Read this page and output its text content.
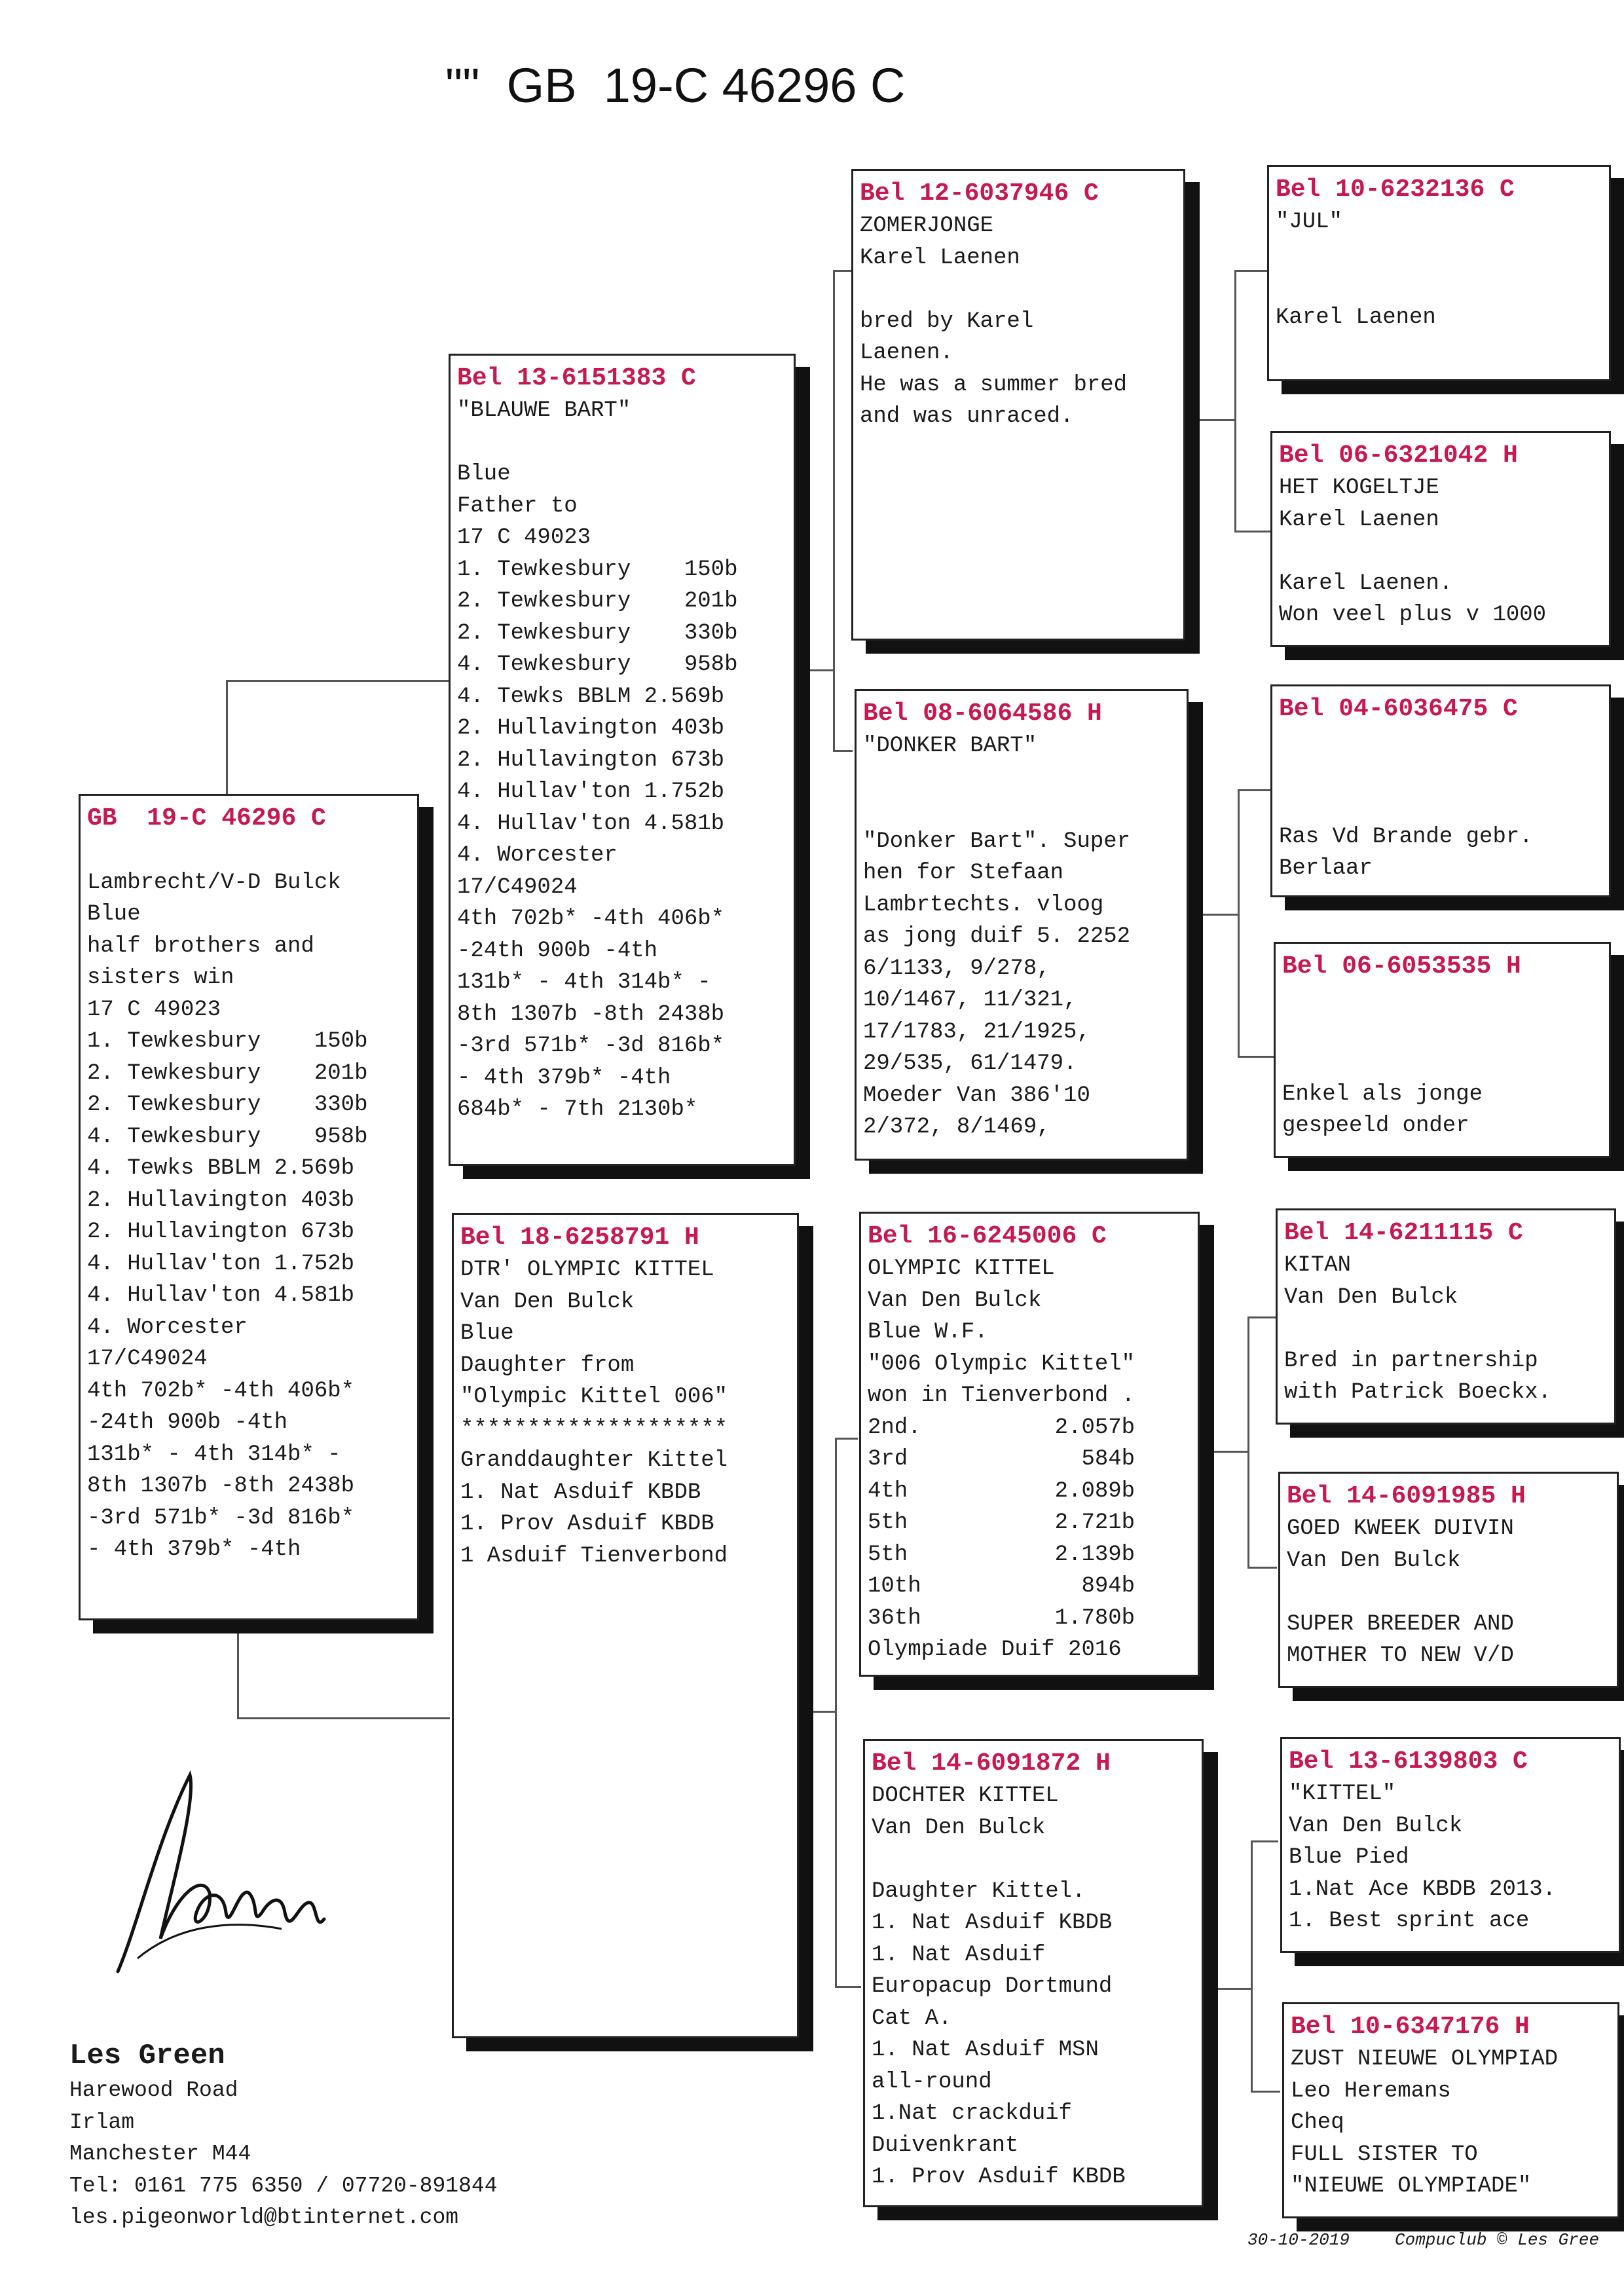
""  GB  19-C 46296 C
GB  19-C 46296 C
Lambrecht/V-D Bulck
Blue
half brothers and
sisters win
17 C 49023
1. Tewkesbury    150b
2. Tewkesbury    201b
2. Tewkesbury    330b
4. Tewkesbury    958b
4. Tewks BBLM 2.569b
2. Hullavington 403b
2. Hullavington 673b
4. Hullav'ton 1.752b
4. Hullav'ton 4.581b
4. Worcester
17/C49024
4th 702b* -4th 406b*
-24th 900b -4th
131b* - 4th 314b* -
8th 1307b -8th 2438b
-3rd 571b* -3d 816b*
- 4th 379b* -4th
Bel 13-6151383 C
"BLAUWE BART"
Blue
Father to
17 C 49023
1. Tewkesbury    150b
2. Tewkesbury    201b
2. Tewkesbury    330b
4. Tewkesbury    958b
4. Tewks BBLM 2.569b
2. Hullavington 403b
2. Hullavington 673b
4. Hullav'ton 1.752b
4. Hullav'ton 4.581b
4. Worcester
17/C49024
4th 702b* -4th 406b*
-24th 900b -4th
131b* - 4th 314b* -
8th 1307b -8th 2438b
-3rd 571b* -3d 816b*
- 4th 379b* -4th
684b* - 7th 2130b*
Bel 18-6258791 H
DTR' OLYMPIC KITTEL
Van Den Bulck
Blue
Daughter from
"Olympic Kittel 006"
********************
Granddaughter Kittel
1. Nat Asduif KBDB
1. Prov Asduif KBDB
1 Asduif Tienverbond
Bel 12-6037946 C
ZOMERJONGE
Karel Laenen
bred by Karel
Laenen.
He was a summer bred
and was unraced.
Bel 08-6064586 H
"DONKER BART"
"Donker Bart". Super
hen for Stefaan
Lambrtechts. vloog
as jong duif 5. 2252
6/1133, 9/278,
10/1467, 11/321,
17/1783, 21/1925,
29/535, 61/1479.
Moeder Van 386'10
2/372, 8/1469,
Bel 16-6245006 C
OLYMPIC KITTEL
Van Den Bulck
Blue W.F.
"006 Olympic Kittel"
won in Tienverbond .
2nd.          2.057b
3rd             584b
4th           2.089b
5th           2.721b
5th           2.139b
10th            894b
36th          1.780b
Olympiade Duif 2016
Bel 14-6091872 H
DOCHTER KITTEL
Van Den Bulck
Daughter Kittel.
1. Nat Asduif KBDB
1. Nat Asduif
Europacup Dortmund
Cat A.
1. Nat Asduif MSN
all-round
1.Nat crackduif
Duivenkrant
1. Prov Asduif KBDB
Bel 10-6232136 C
"JUL"
Karel Laenen
Bel 06-6321042 H
HET KOGELTJE
Karel Laenen
Karel Laenen.
Won veel plus v 1000
Bel 04-6036475 C
Ras Vd Brande gebr.
Berlaar
Bel 06-6053535 H
Enkel als jonge
gespeeld onder
Bel 14-6211115 C
KITAN
Van Den Bulck
Bred in partnership
with Patrick Boeckx.
Bel 14-6091985 H
GOED KWEEK DUIVIN
Van Den Bulck
SUPER BREEDER AND
MOTHER TO NEW V/D
Bel 13-6139803 C
"KITTEL"
Van Den Bulck
Blue Pied
1.Nat Ace KBDB 2013.
1. Best sprint ace
Bel 10-6347176 H
ZUST NIEUWE OLYMPIAD
Leo Heremans
Cheq
FULL SISTER TO
"NIEUWE OLYMPIADE"
Les Green
Harewood Road
Irlam
Manchester M44
Tel: 0161 775 6350 / 07720-891844
les.pigeonworld@btinternet.com
30-10-2019	Compuclub © Les Gree
